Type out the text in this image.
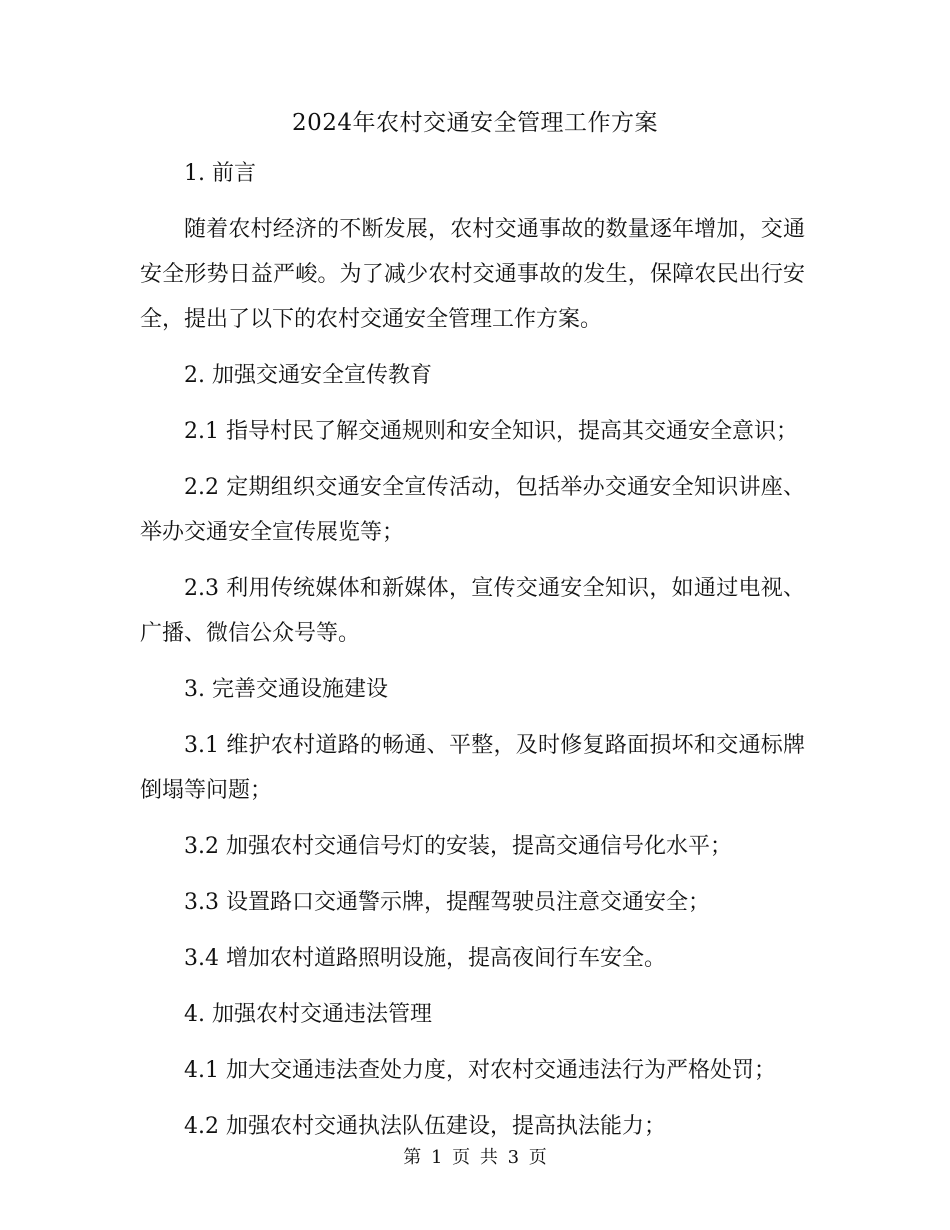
2024年农村交通安全管理工作方案

1. 前言

随着农村经济的不断发展，农村交通事故的数量逐年增加，交通安全形势日益严峻。为了减少农村交通事故的发生，保障农民出行安全，提出了以下的农村交通安全管理工作方案。

2. 加强交通安全宣传教育

2.1 指导村民了解交通规则和安全知识，提高其交通安全意识；

2.2 定期组织交通安全宣传活动，包括举办交通安全知识讲座、举办交通安全宣传展览等；

2.3 利用传统媒体和新媒体，宣传交通安全知识，如通过电视、广播、微信公众号等。

3. 完善交通设施建设

3.1 维护农村道路的畅通、平整，及时修复路面损坏和交通标牌倒塌等问题；

3.2 加强农村交通信号灯的安装，提高交通信号化水平；

3.3 设置路口交通警示牌，提醒驾驶员注意交通安全；

3.4 增加农村道路照明设施，提高夜间行车安全。

4. 加强农村交通违法管理

4.1 加大交通违法查处力度，对农村交通违法行为严格处罚；

4.2 加强农村交通执法队伍建设，提高执法能力；

第 1 页 共 3 页
